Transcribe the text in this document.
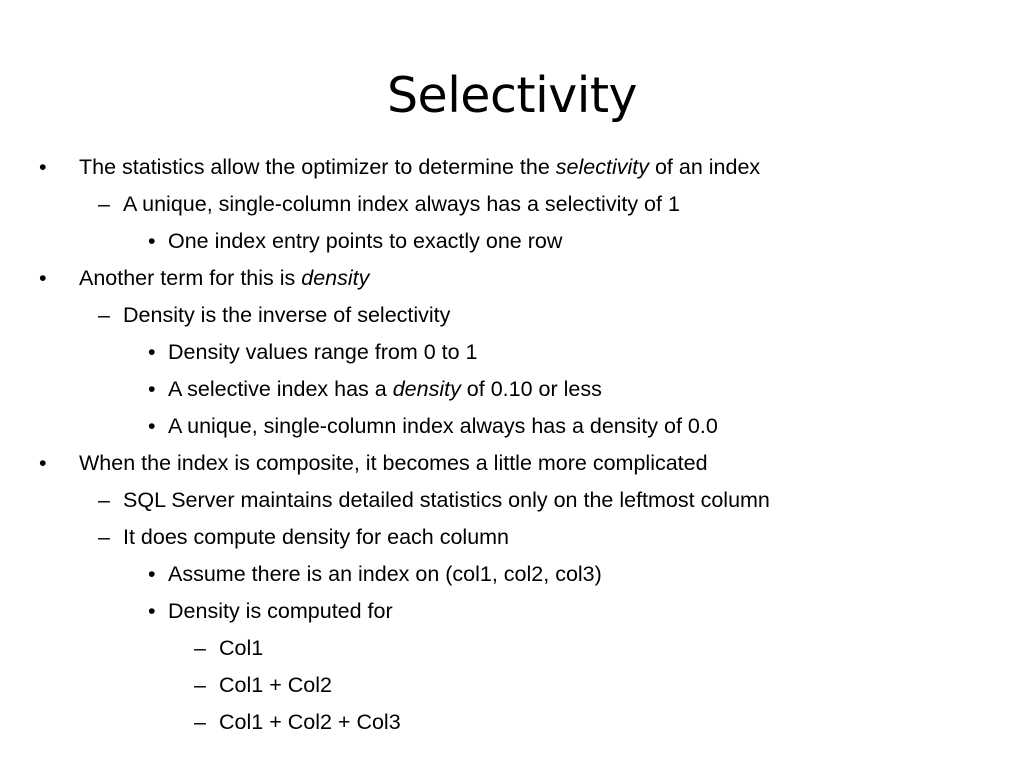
Selectivity
• The statistics allow the optimizer to determine the selectivity of an index
– A unique, single-column index always has a selectivity of 1
• One index entry points to exactly one row
• Another term for this is density
– Density is the inverse of selectivity
• Density values range from 0 to 1
• A selective index has a density of 0.10 or less
• A unique, single-column index always has a density of 0.0
• When the index is composite, it becomes a little more complicated
– SQL Server maintains detailed statistics only on the leftmost column
– It does compute density for each column
• Assume there is an index on (col1, col2, col3)
• Density is computed for
– Col1
– Col1 + Col2
– Col1 + Col2 + Col3
